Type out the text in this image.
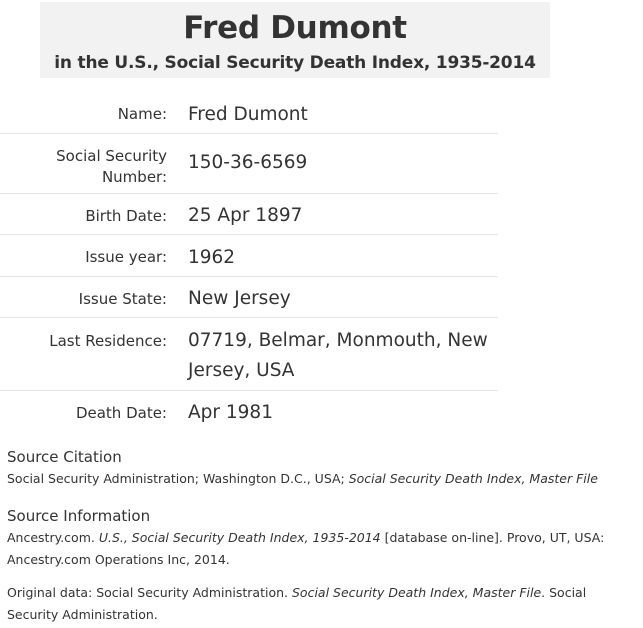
Fred Dumont
in the U.S., Social Security Death Index, 1935-2014
Name: Fred Dumont
Social Security
Number:
150-36-6569
Birth Date: 25 Apr 1897
Issue year: 1962
Issue State: New Jersey
Last Residence: 07719, Belmar, Monmouth, New Jersey, USA
Death Date: Apr 1981
Source Citation
Social Security Administration; Washington D.C., USA; Social Security Death Index, Master File
Source Information
Ancestry.com. U.S., Social Security Death Index, 1935-2014 [database on-line]. Provo, UT, USA: Ancestry.com Operations Inc, 2014.
Original data: Social Security Administration. Social Security Death Index, Master File. Social Security Administration.
